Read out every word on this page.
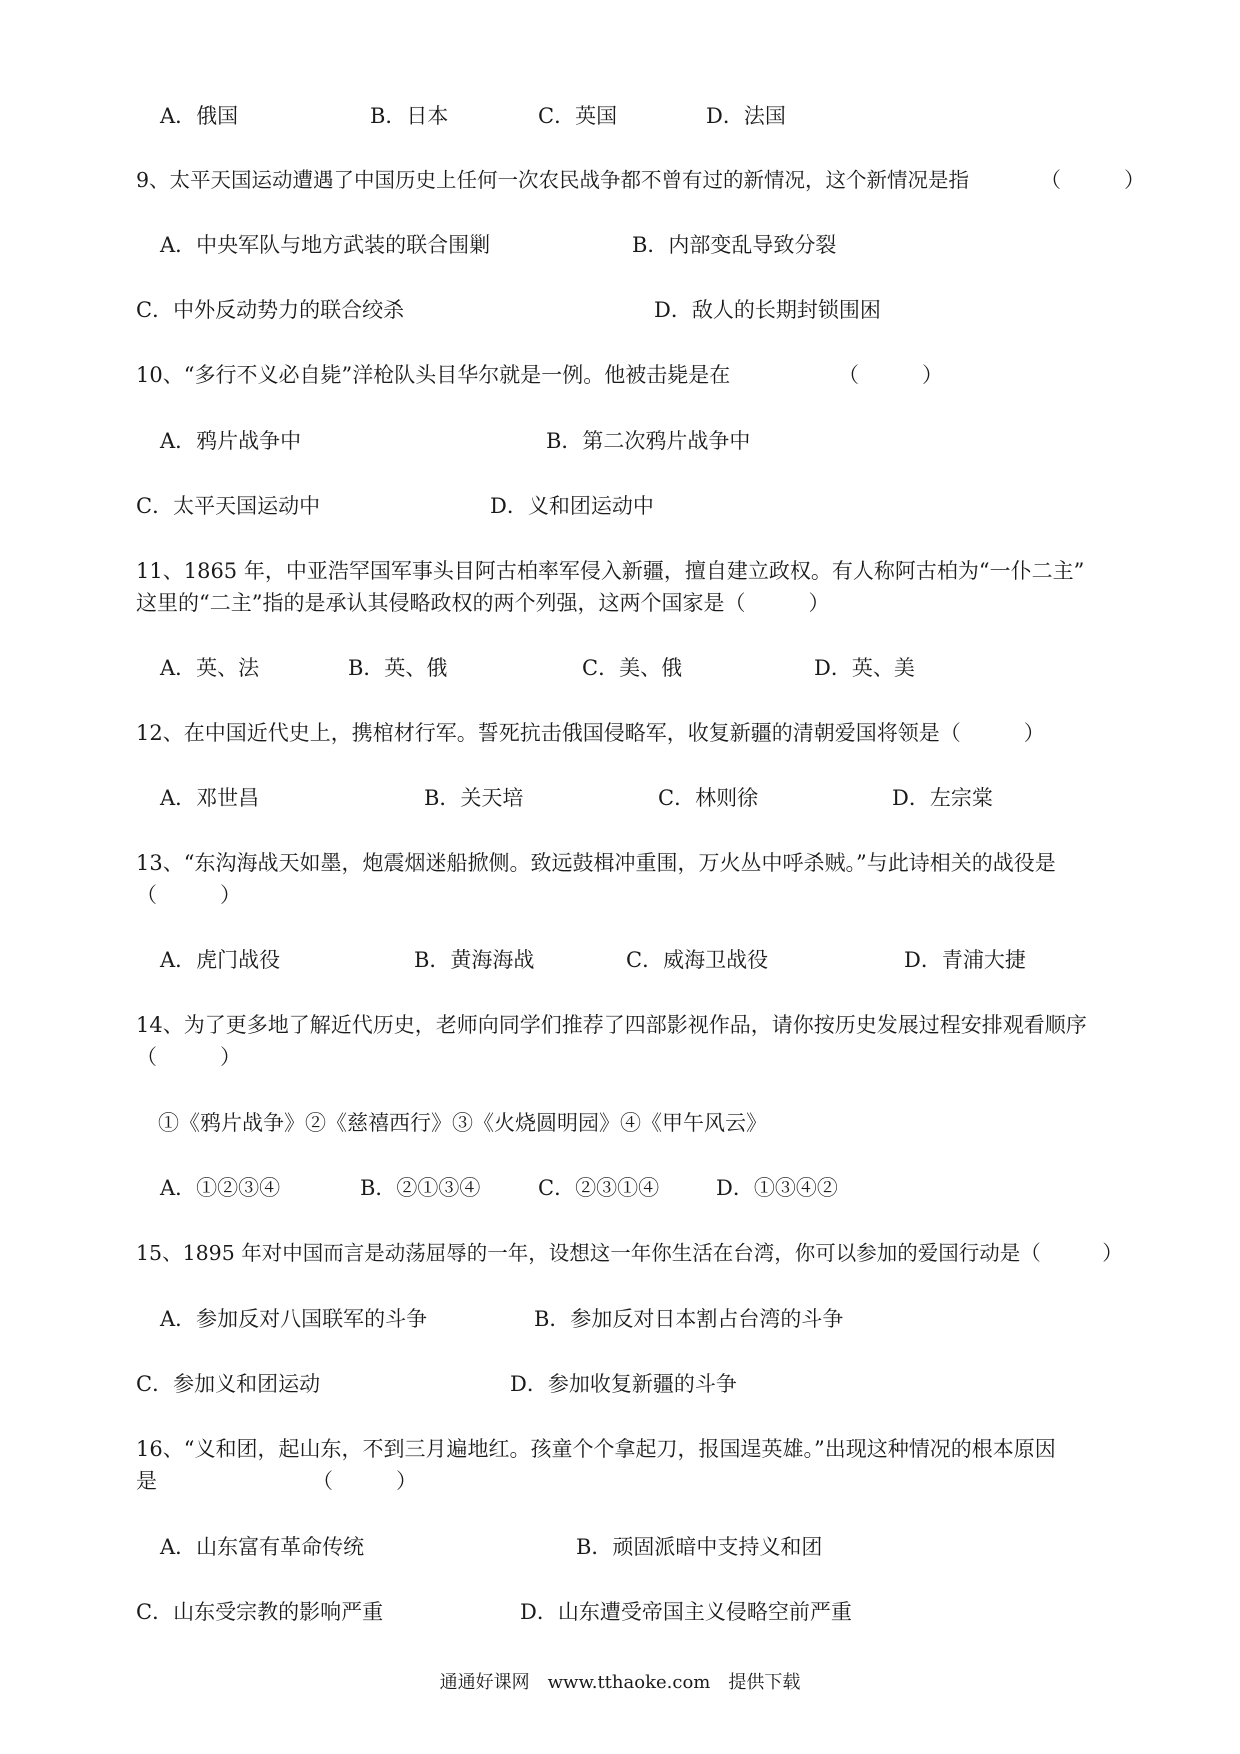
A．俄国	B．日本	C．英国	D．法国
9、太平天国运动遭遇了中国历史上任何一次农民战争都不曾有过的新情况，这个新情况是指	（　　　）
A．中央军队与地方武装的联合围剿	B．内部变乱导致分裂
C．中外反动势力的联合绞杀	D．敌人的长期封锁围困
10、“多行不义必自毙”洋枪队头目华尔就是一例。他被击毙是在	（　　　）
A．鸦片战争中	B．第二次鸦片战争中
C．太平天国运动中	D．义和团运动中
11、1865 年，中亚浩罕国军事头目阿古柏率军侵入新疆，擅自建立政权。有人称阿古柏为“一仆二主”
这里的“二主”指的是承认其侵略政权的两个列强，这两个国家是（　　　）
A．英、法	B．英、俄	C．美、俄	D．英、美
12、在中国近代史上，携棺材行军。誓死抗击俄国侵略军，收复新疆的清朝爱国将领是（　　　）
A．邓世昌	B．关天培	C．林则徐	D．左宗棠
13、“东沟海战天如墨，炮震烟迷船掀侧。致远鼓楫冲重围，万火丛中呼杀贼。”与此诗相关的战役是
（　　　）
A．虎门战役	B．黄海海战	C．威海卫战役	D．青浦大捷
14、为了更多地了解近代历史，老师向同学们推荐了四部影视作品，请你按历史发展过程安排观看顺序
（　　　）
①《鸦片战争》②《慈禧西行》③《火烧圆明园》④《甲午风云》
A．①②③④	B．②①③④	C．②③①④	D．①③④②
15、1895 年对中国而言是动荡屈辱的一年，设想这一年你生活在台湾，你可以参加的爱国行动是（　　　）
A．参加反对八国联军的斗争	B．参加反对日本割占台湾的斗争
C．参加义和团运动	D．参加收复新疆的斗争
16、“义和团，起山东，不到三月遍地红。孩童个个拿起刀，报国逞英雄。”出现这种情况的根本原因
是	（　　　）
A．山东富有革命传统	B．顽固派暗中支持义和团
C．山东受宗教的影响严重	D．山东遭受帝国主义侵略空前严重
通通好课网　www.tthaoke.com　提供下载
